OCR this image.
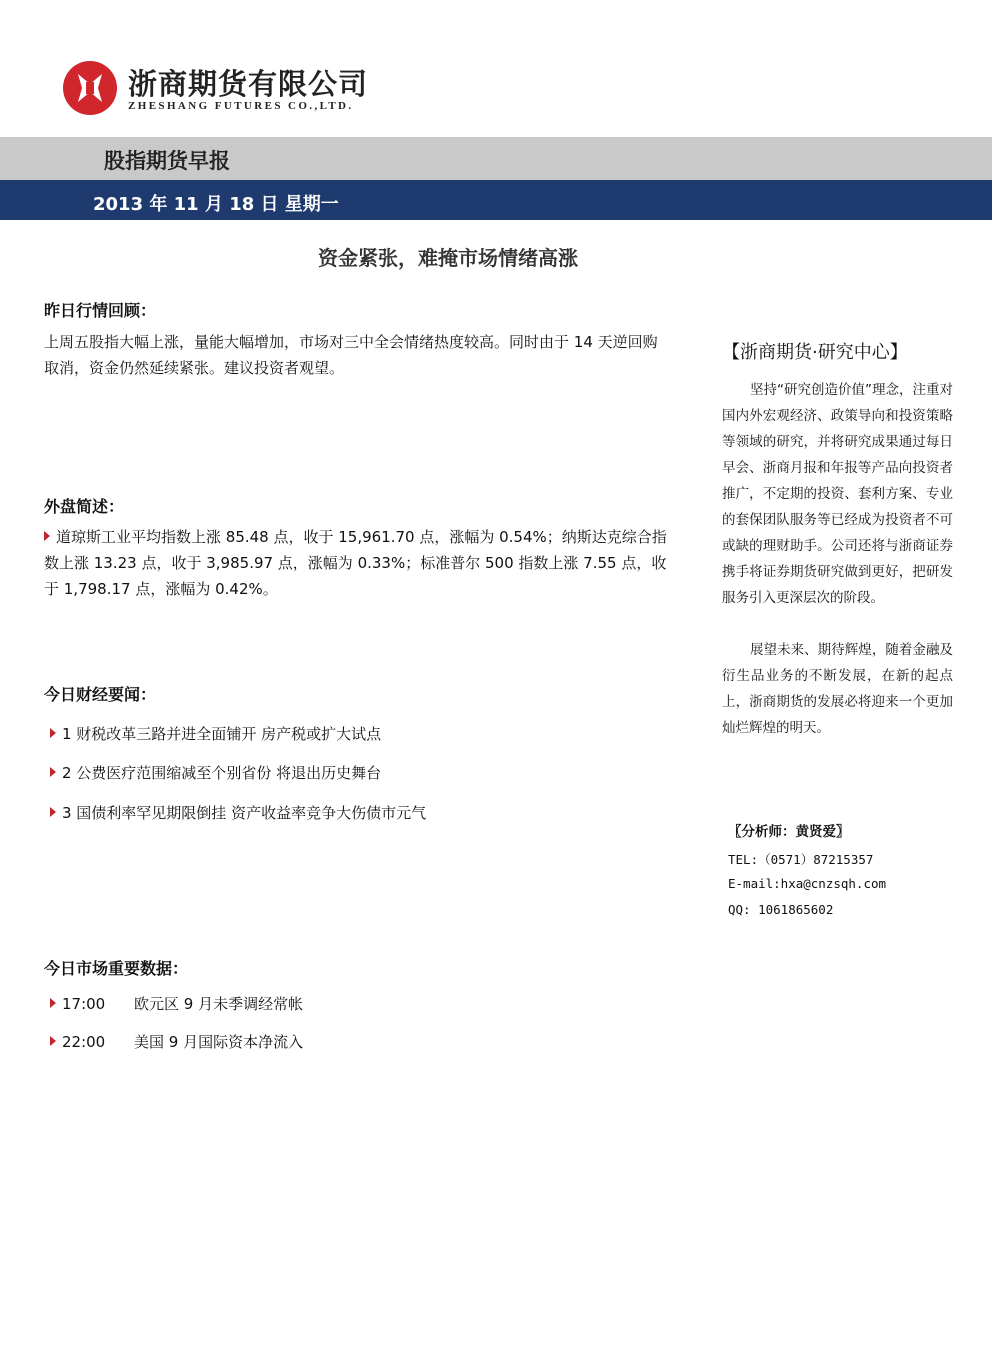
浙商期货有限公司
ZHESHANG FUTURES CO.,LTD.
股指期货早报
2013 年 11 月 18 日 星期一
资金紧张，难掩市场情绪高涨
昨日行情回顾：
上周五股指大幅上涨，量能大幅增加，市场对三中全会情绪热度较高。同时由于 14 天逆回购取消，资金仍然延续紧张。建议投资者观望。
外盘简述：
道琼斯工业平均指数上涨 85.48 点，收于 15,961.70 点，涨幅为 0.54%；纳斯达克综合指数上涨 13.23 点，收于 3,985.97 点，涨幅为 0.33%；标准普尔 500 指数上涨 7.55 点，收于 1,798.17 点，涨幅为 0.42%。
今日财经要闻：
1 财税改革三路并进全面铺开 房产税或扩大试点
2 公费医疗范围缩减至个别省份 将退出历史舞台
3 国债利率罕见期限倒挂 资产收益率竞争大伤债市元气
今日市场重要数据：
17:00 欧元区 9 月未季调经常帐
22:00 美国 9 月国际资本净流入
【浙商期货·研究中心】
坚持“研究创造价值”理念，注重对国内外宏观经济、政策导向和投资策略等领域的研究，并将研究成果通过每日早会、浙商月报和年报等产品向投资者推广，不定期的投资、套利方案、专业的套保团队服务等已经成为投资者不可或缺的理财助手。公司还将与浙商证券携手将证券期货研究做到更好，把研发服务引入更深层次的阶段。
展望未来、期待辉煌，随着金融及衍生品业务的不断发展，在新的起点上，浙商期货的发展必将迎来一个更加灿烂辉煌的明天。
〖分析师：黄贤爱〗
TEL:（0571）87215357
E-mail:hxa@cnzsqh.com
QQ: 1061865602
